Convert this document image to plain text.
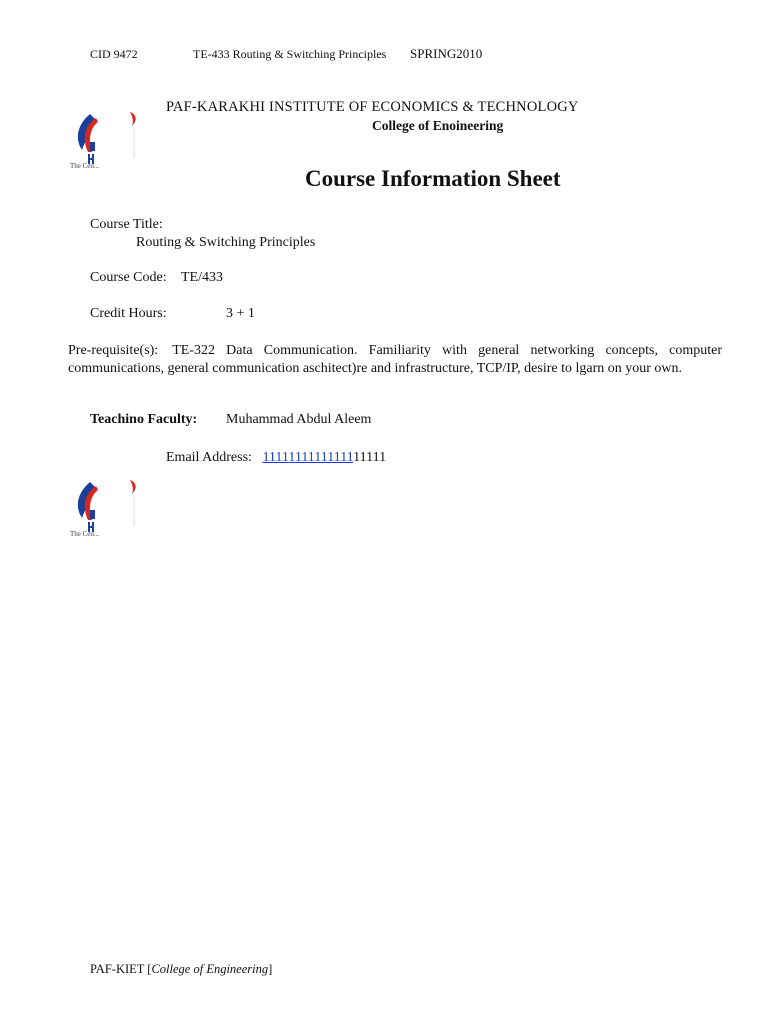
CID 9472	TE-433 Routing & Switching Principles SPRING2010
The Cen...
PAF-KARAKHI INSTITUTE OF ECONOMICS & TECHNOLOGY
College of Enoineering
Course Information Sheet
Course Title:
Routing & Switching Principles
Course Code: TE/433
Credit Hours:	3 + 1
Pre-requisite(s): TE-322 Data Communication. Familiarity with general networking concepts, computer communications, general communication aschitect)re and infrastructure, TCP/IP, desire to lgarn on your own.
Teachino Faculty: Muhammad Abdul Aleem
Email Address: 1111111111111111111
The Cen...
PAF-KIET [College of Engineering]
